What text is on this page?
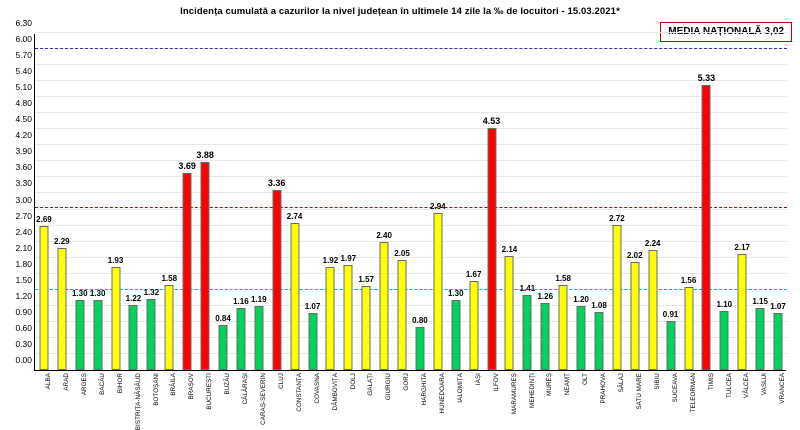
Incidența cumulată a cazurilor la nivel județean în ultimele 14 zile la ‰ de locuitori - 15.03.2021*
MEDIA NAȚIONALĂ 3,02
0.00
0.30
0.60
0.90
1.20
1.50
1.80
2.10
2.40
2.70
3.00
3.30
3.60
3.90
4.20
4.50
4.80
5.10
5.40
5.70
6.00
6.30
2.69
2.29
1.30 1.30
1.93
1.22
1.32
1.58
3.69
3.88
0.84
1.16 1.19
3.36
2.74
1.07
1.92 1.97
1.57
2.40
2.05
0.80
2.94
1.30
1.67
4.53
2.14
1.41
1.26
1.58
1.20
1.08
2.72
2.02
2.24
0.91
1.56
5.33
1.10
2.17
1.15 1.07
ALBA ARAD ARGEȘ BACĂU BIHOR BISTRIȚA-NĂSĂUD BOTOȘANI BRĂILA BRAȘOV BUCUREȘTI BUZĂU CĂLĂRAȘI CARAȘ-SEVERIN CLUJ CONSTANȚA COVASNA DÂMBOVIȚA DOLJ GALAȚI GIURGIU GORJ HARGHITA HUNEDOARA IALOMIȚA IAȘI ILFOV MARAMUREȘ MEHEDINȚI MUREȘ NEAMȚ OLT PRAHOVA SĂLAJ SATU MARE SIBIU SUCEAVA TELEORMAN TIMIȘ TULCEA VÂLCEA VASLUI VRANCEA
